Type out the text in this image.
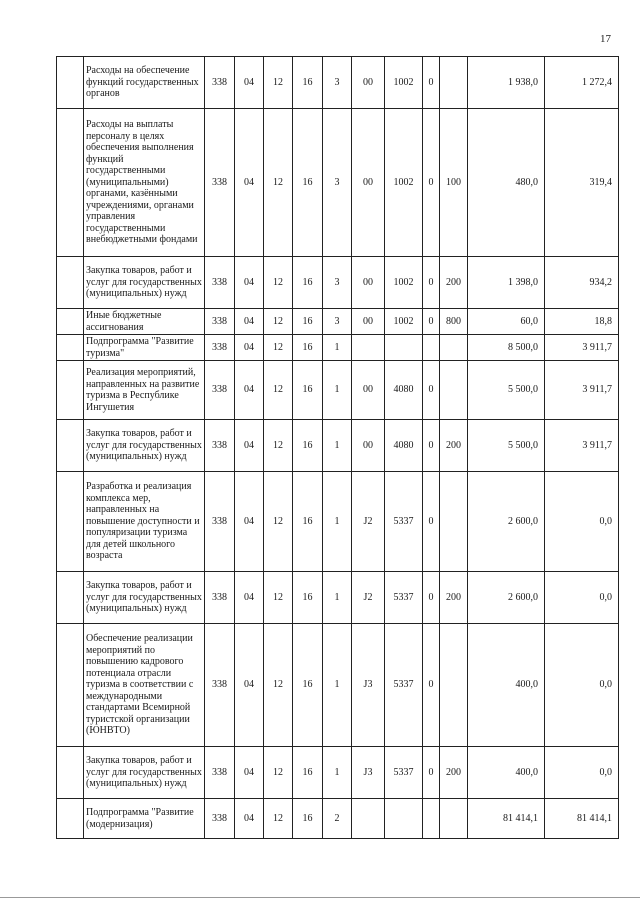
17
	Расходы на обеспечение функций государственных органов	338	04	12	16	3	00	1002	0		1 938,0	1 272,4
	Расходы на выплаты персоналу в целях обеспечения выполнения функций государственными (муниципальными) органами, казёнными учреждениями, органами управления государственными внебюджетными фондами	338	04	12	16	3	00	1002	0	100	480,0	319,4
	Закупка товаров, работ и услуг для государственных (муниципальных) нужд	338	04	12	16	3	00	1002	0	200	1 398,0	934,2
	Иные бюджетные ассигнования	338	04	12	16	3	00	1002	0	800	60,0	18,8
	Подпрограмма "Развитие туризма"	338	04	12	16	1					8 500,0	3 911,7
	Реализация мероприятий, направленных на развитие туризма в Республике Ингушетия	338	04	12	16	1	00	4080	0		5 500,0	3 911,7
	Закупка товаров, работ и услуг для государственных (муниципальных) нужд	338	04	12	16	1	00	4080	0	200	5 500,0	3 911,7
	Разработка и реализация комплекса мер, направленных на повышение доступности и популяризации туризма для детей школьного возраста	338	04	12	16	1	J2	5337	0		2 600,0	0,0
	Закупка товаров, работ и услуг для государственных (муниципальных) нужд	338	04	12	16	1	J2	5337	0	200	2 600,0	0,0
	Обеспечение реализации мероприятий по повышению кадрового потенциала отрасли туризма в соответствии с международными стандартами Всемирной туристской организации (ЮНВТО)	338	04	12	16	1	J3	5337	0		400,0	0,0
	Закупка товаров, работ и услуг для государственных (муниципальных) нужд	338	04	12	16	1	J3	5337	0	200	400,0	0,0
	Подпрограмма "Развитие (модернизация)	338	04	12	16	2					81 414,1	81 414,1
